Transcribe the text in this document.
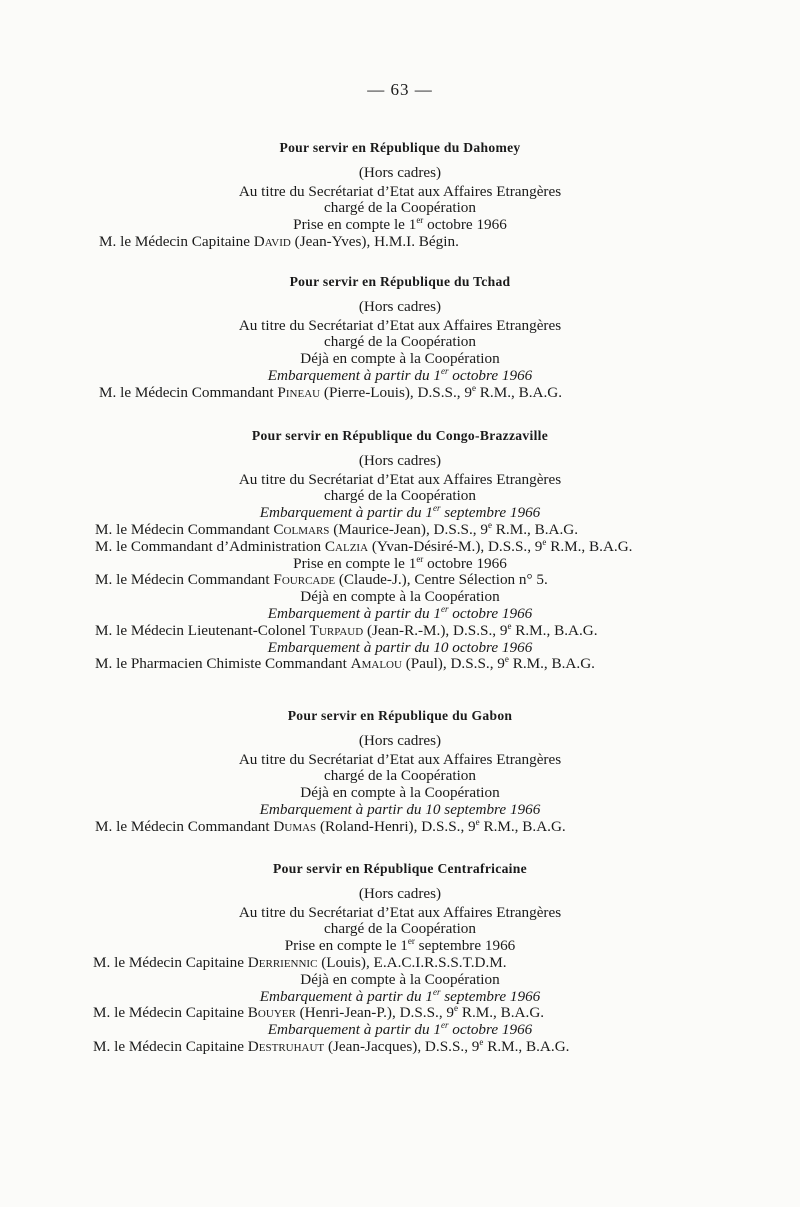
— 63 —
Pour servir en République du Dahomey
(Hors cadres)
Au titre du Secrétariat d’Etat aux Affaires Etrangères
chargé de la Coopération
Prise en compte le 1er octobre 1966
M. le Médecin Capitaine David (Jean-Yves), H.M.I. Bégin.
Pour servir en République du Tchad
(Hors cadres)
Au titre du Secrétariat d’Etat aux Affaires Etrangères
chargé de la Coopération
Déjà en compte à la Coopération
Embarquement à partir du 1er octobre 1966
M. le Médecin Commandant Pineau (Pierre-Louis), D.S.S., 9e R.M., B.A.G.
Pour servir en République du Congo-Brazzaville
(Hors cadres)
Au titre du Secrétariat d’Etat aux Affaires Etrangères
chargé de la Coopération
Embarquement à partir du 1er septembre 1966
M. le Médecin Commandant Colmars (Maurice-Jean), D.S.S., 9e R.M., B.A.G.
M. le Commandant d’Administration Calzia (Yvan-Désiré-M.), D.S.S., 9e R.M., B.A.G.
Prise en compte le 1er octobre 1966
M. le Médecin Commandant Fourcade (Claude-J.), Centre Sélection n° 5.
Déjà en compte à la Coopération
Embarquement à partir du 1er octobre 1966
M. le Médecin Lieutenant-Colonel Turpaud (Jean-R.-M.), D.S.S., 9e R.M., B.A.G.
Embarquement à partir du 10 octobre 1966
M. le Pharmacien Chimiste Commandant Amalou (Paul), D.S.S., 9e R.M., B.A.G.
Pour servir en République du Gabon
(Hors cadres)
Au titre du Secrétariat d’Etat aux Affaires Etrangères
chargé de la Coopération
Déjà en compte à la Coopération
Embarquement à partir du 10 septembre 1966
M. le Médecin Commandant Dumas (Roland-Henri), D.S.S., 9e R.M., B.A.G.
Pour servir en République Centrafricaine
(Hors cadres)
Au titre du Secrétariat d’Etat aux Affaires Etrangères
chargé de la Coopération
Prise en compte le 1er septembre 1966
M. le Médecin Capitaine Derriennic (Louis), E.A.C.I.R.S.S.T.D.M.
Déjà en compte à la Coopération
Embarquement à partir du 1er septembre 1966
M. le Médecin Capitaine Bouyer (Henri-Jean-P.), D.S.S., 9e R.M., B.A.G.
Embarquement à partir du 1er octobre 1966
M. le Médecin Capitaine Destruhaut (Jean-Jacques), D.S.S., 9e R.M., B.A.G.
